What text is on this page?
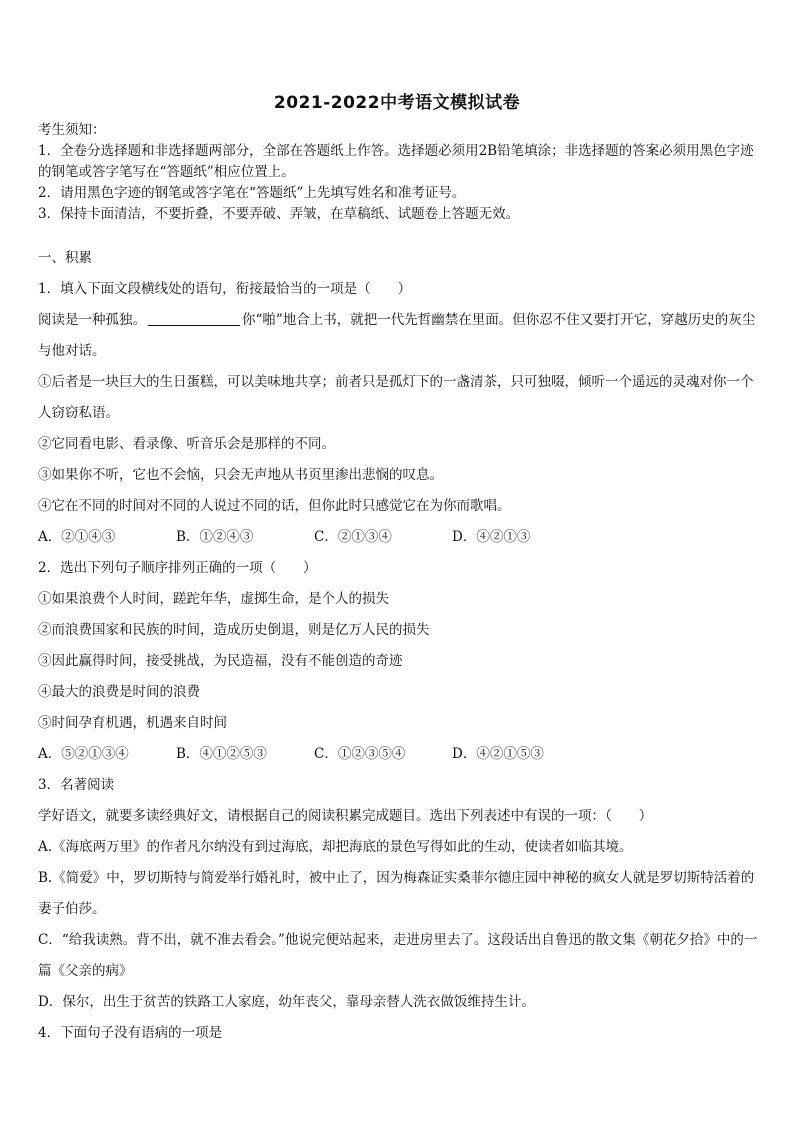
2021-2022中考语文模拟试卷

考生须知：

1．全卷分选择题和非选择题两部分，全部在答题纸上作答。选择题必须用2B铅笔填涂；非选择题的答案必须用黑色字迹的钢笔或答字笔写在“答题纸”相应位置上。

2．请用黑色字迹的钢笔或答字笔在“答题纸”上先填写姓名和准考证号。

3．保持卡面清洁，不要折叠，不要弄破、弄皱，在草稿纸、试题卷上答题无效。

一、积累

1．填入下面文段横线处的语句，衔接最恰当的一项是（　　）

阅读是一种孤独。	你“啪”地合上书，就把一代先哲幽禁在里面。但你忍不住又要打开它，穿越历史的灰尘与他对话。

①后者是一块巨大的生日蛋糕，可以美味地共享；前者只是孤灯下的一盏清茶，只可独啜，倾听一个遥远的灵魂对你一个人窃窃私语。

②它同看电影、看录像、听音乐会是那样的不同。

③如果你不听，它也不会恼，只会无声地从书页里渗出悲悯的叹息。

④它在不同的时间对不同的人说过不同的话，但你此时只感觉它在为你而歌唱。

A．②①④③	B．①②④③	C．②①③④	D．④②①③

2．选出下列句子顺序排列正确的一项（　　）

①如果浪费个人时间，蹉跎年华，虚掷生命，是个人的损失

②而浪费国家和民族的时间，造成历史倒退，则是亿万人民的损失

③因此赢得时间，接受挑战，为民造福，没有不能创造的奇迹

④最大的浪费是时间的浪费

⑤时间孕育机遇，机遇来自时间

A．⑤②①③④	B．④①②⑤③	C．①②③⑤④	D．④②①⑤③

3．名著阅读

学好语文，就要多读经典好文，请根据自己的阅读积累完成题目。选出下列表述中有误的一项：（　　）

A.《海底两万里》的作者凡尔纳没有到过海底，却把海底的景色写得如此的生动，使读者如临其境。

B.《简爱》中，罗切斯特与简爱举行婚礼时，被中止了，因为梅森证实桑菲尔德庄园中神秘的疯女人就是罗切斯特活着的妻子伯莎。

C．“给我读熟。背不出，就不准去看会。”他说完便站起来，走进房里去了。这段话出自鲁迅的散文集《朝花夕拾》中的一篇《父亲的病》

D．保尔，出生于贫苦的铁路工人家庭，幼年丧父，靠母亲替人洗衣做饭维持生计。

4．下面句子没有语病的一项是
